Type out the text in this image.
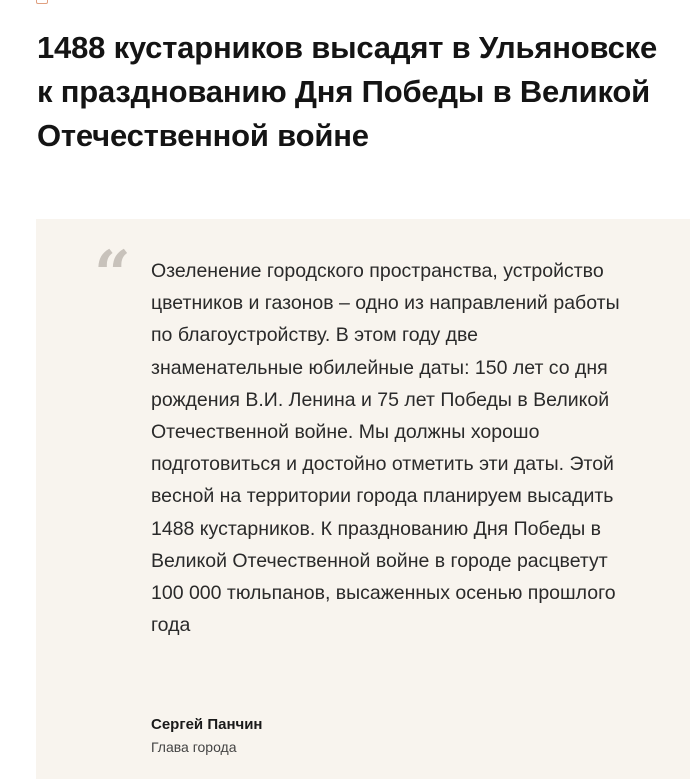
1488 кустарников высадят в Ульяновске к празднованию Дня Победы в Великой Отечественной войне
“ Озеленение городского пространства, устройство цветников и газонов – одно из направлений работы по благоустройству. В этом году две знаменательные юбилейные даты: 150 лет со дня рождения В.И. Ленина и 75 лет Победы в Великой Отечественной войне. Мы должны хорошо подготовиться и достойно отметить эти даты. Этой весной на территории города планируем высадить 1488 кустарников. К празднованию Дня Победы в Великой Отечественной войне в городе расцветут 100 000 тюльпанов, высаженных осенью прошлого года

Сергей Панчин
Глава города
